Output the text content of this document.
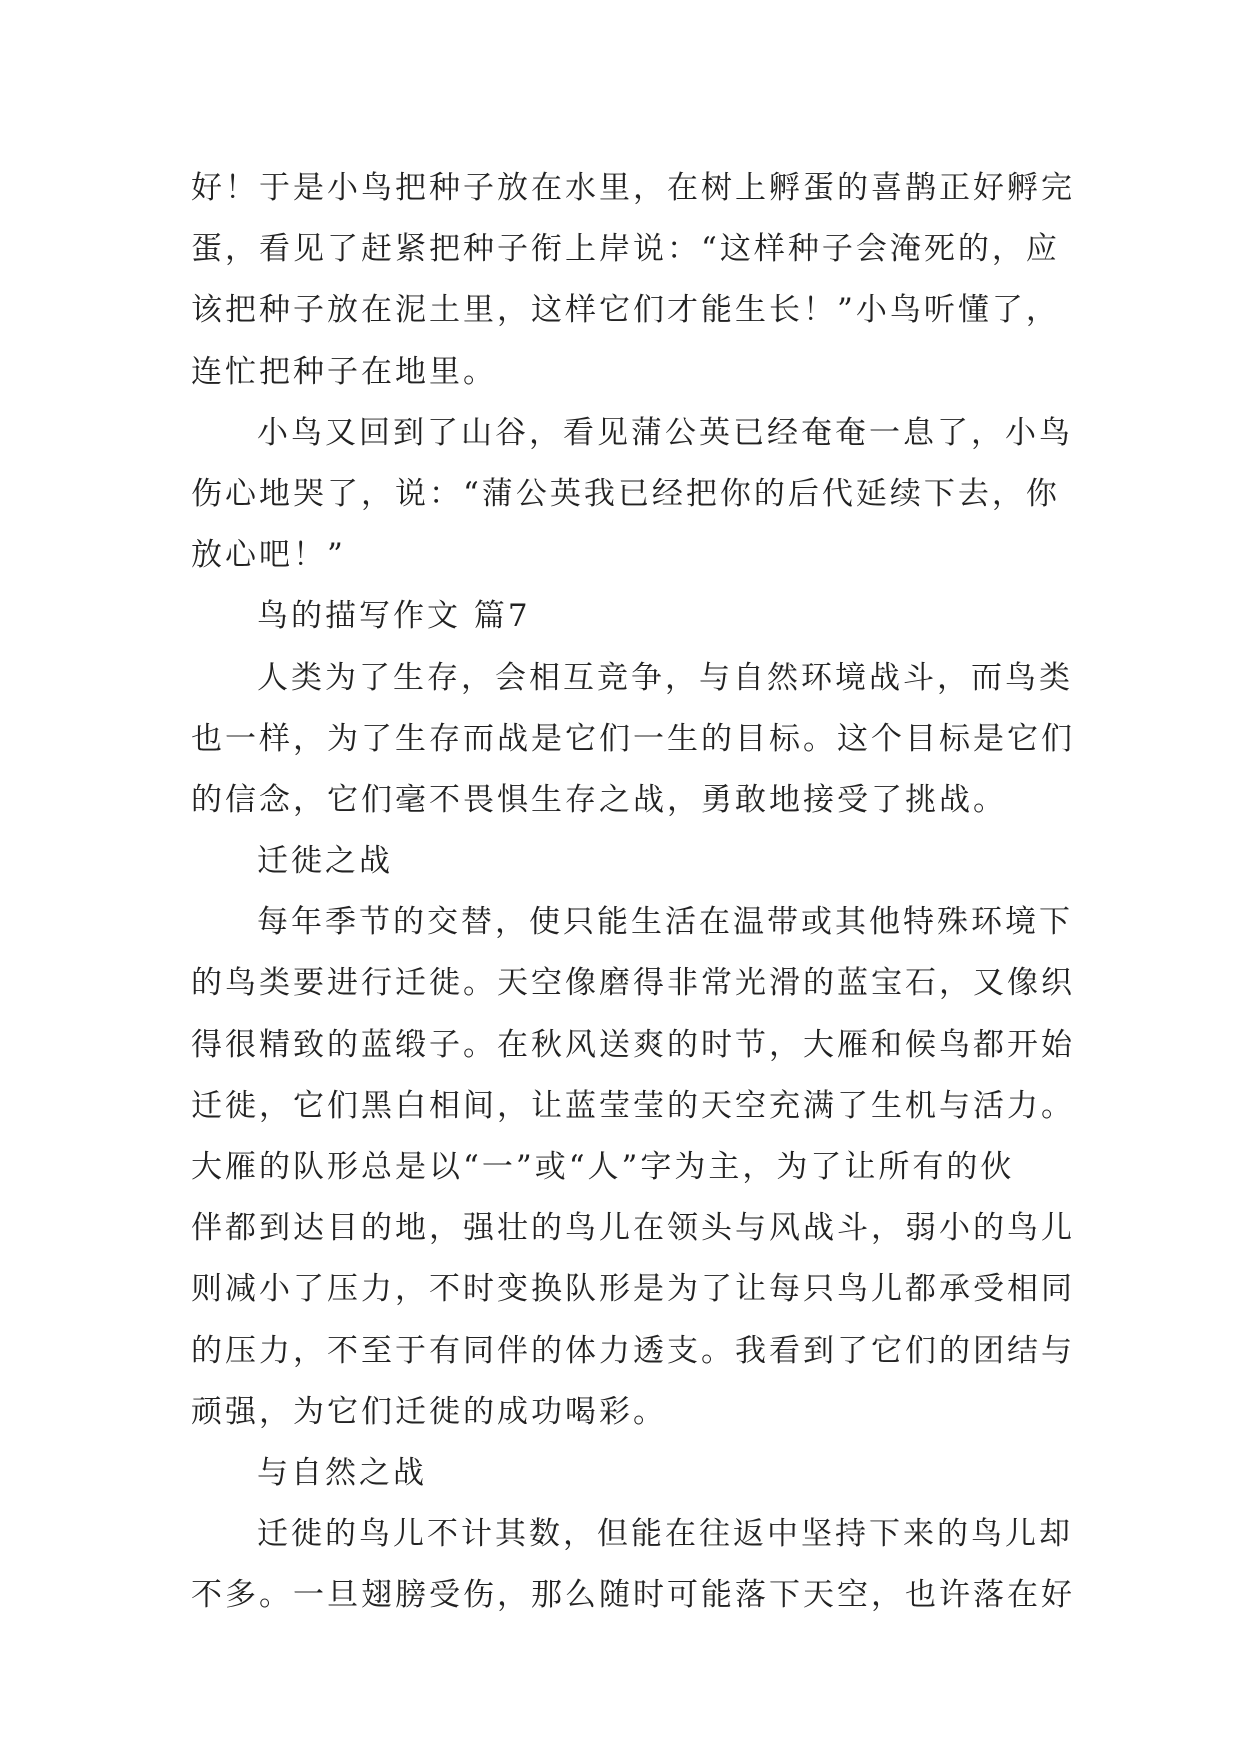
好！于是小鸟把种子放在水里，在树上孵蛋的喜鹊正好孵完
蛋，看见了赶紧把种子衔上岸说：“这样种子会淹死的，应
该把种子放在泥土里，这样它们才能生长！”小鸟听懂了，
连忙把种子在地里。
小鸟又回到了山谷，看见蒲公英已经奄奄一息了，小鸟
伤心地哭了，说：“蒲公英我已经把你的后代延续下去，你
放心吧！”
鸟的描写作文 篇7
人类为了生存，会相互竞争，与自然环境战斗，而鸟类
也一样，为了生存而战是它们一生的目标。这个目标是它们
的信念，它们毫不畏惧生存之战，勇敢地接受了挑战。
迁徙之战
每年季节的交替，使只能生活在温带或其他特殊环境下
的鸟类要进行迁徙。天空像磨得非常光滑的蓝宝石，又像织
得很精致的蓝缎子。在秋风送爽的时节，大雁和候鸟都开始
迁徙，它们黑白相间，让蓝莹莹的天空充满了生机与活力。
大雁的队形总是以“一”或“人”字为主，为了让所有的伙
伴都到达目的地，强壮的鸟儿在领头与风战斗，弱小的鸟儿
则减小了压力，不时变换队形是为了让每只鸟儿都承受相同
的压力，不至于有同伴的体力透支。我看到了它们的团结与
顽强，为它们迁徙的成功喝彩。
与自然之战
迁徙的鸟儿不计其数，但能在往返中坚持下来的鸟儿却
不多。一旦翅膀受伤，那么随时可能落下天空，也许落在好
